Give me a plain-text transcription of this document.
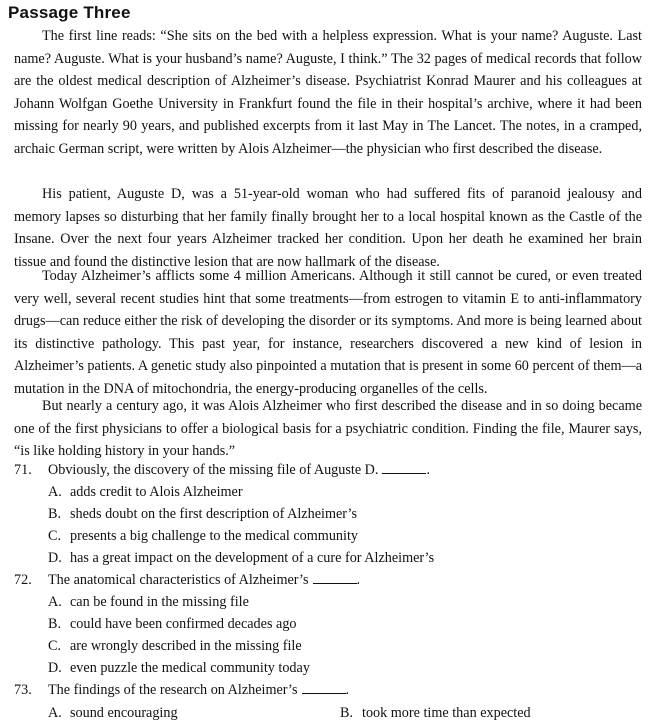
Passage Three
The first line reads: “She sits on the bed with a helpless expression. What is your name? Auguste. Last name? Auguste. What is your husband’s name? Auguste, I think.” The 32 pages of medical records that follow are the oldest medical description of Alzheimer’s disease. Psychiatrist Konrad Maurer and his colleagues at Johann Wolfgan Goethe University in Frankfurt found the file in their hospital’s archive, where it had been missing for nearly 90 years, and published excerpts from it last May in The Lancet. The notes, in a cramped, archaic German script, were written by Alois Alzheimer—the physician who first described the disease.
His patient, Auguste D, was a 51-year-old woman who had suffered fits of paranoid jealousy and memory lapses so disturbing that her family finally brought her to a local hospital known as the Castle of the Insane. Over the next four years Alzheimer tracked her condition. Upon her death he examined her brain tissue and found the distinctive lesion that are now hallmark of the disease.
Today Alzheimer’s afflicts some 4 million Americans. Although it still cannot be cured, or even treated very well, several recent studies hint that some treatments—from estrogen to vitamin E to anti-inflammatory drugs—can reduce either the risk of developing the disorder or its symptoms. And more is being learned about its distinctive pathology. This past year, for instance, researchers discovered a new kind of lesion in Alzheimer’s patients. A genetic study also pinpointed a mutation that is present in some 60 percent of them—a mutation in the DNA of mitochondria, the energy-producing organelles of the cells.
But nearly a century ago, it was Alois Alzheimer who first described the disease and in so doing became one of the first physicians to offer a biological basis for a psychiatric condition. Finding the file, Maurer says, “is like holding history in your hands.”
71. Obviously, the discovery of the missing file of Auguste D.	.
A. adds credit to Alois Alzheimer
B. sheds doubt on the first description of Alzheimer’s
C. presents a big challenge to the medical community
D. has a great impact on the development of a cure for Alzheimer’s
72. The anatomical characteristics of Alzheimer’s	.
A. can be found in the missing file
B. could have been confirmed decades ago
C. are wrongly described in the missing file
D. even puzzle the medical community today
73. The findings of the research on Alzheimer’s	.
A. sound encouraging	B. took more time than expected
